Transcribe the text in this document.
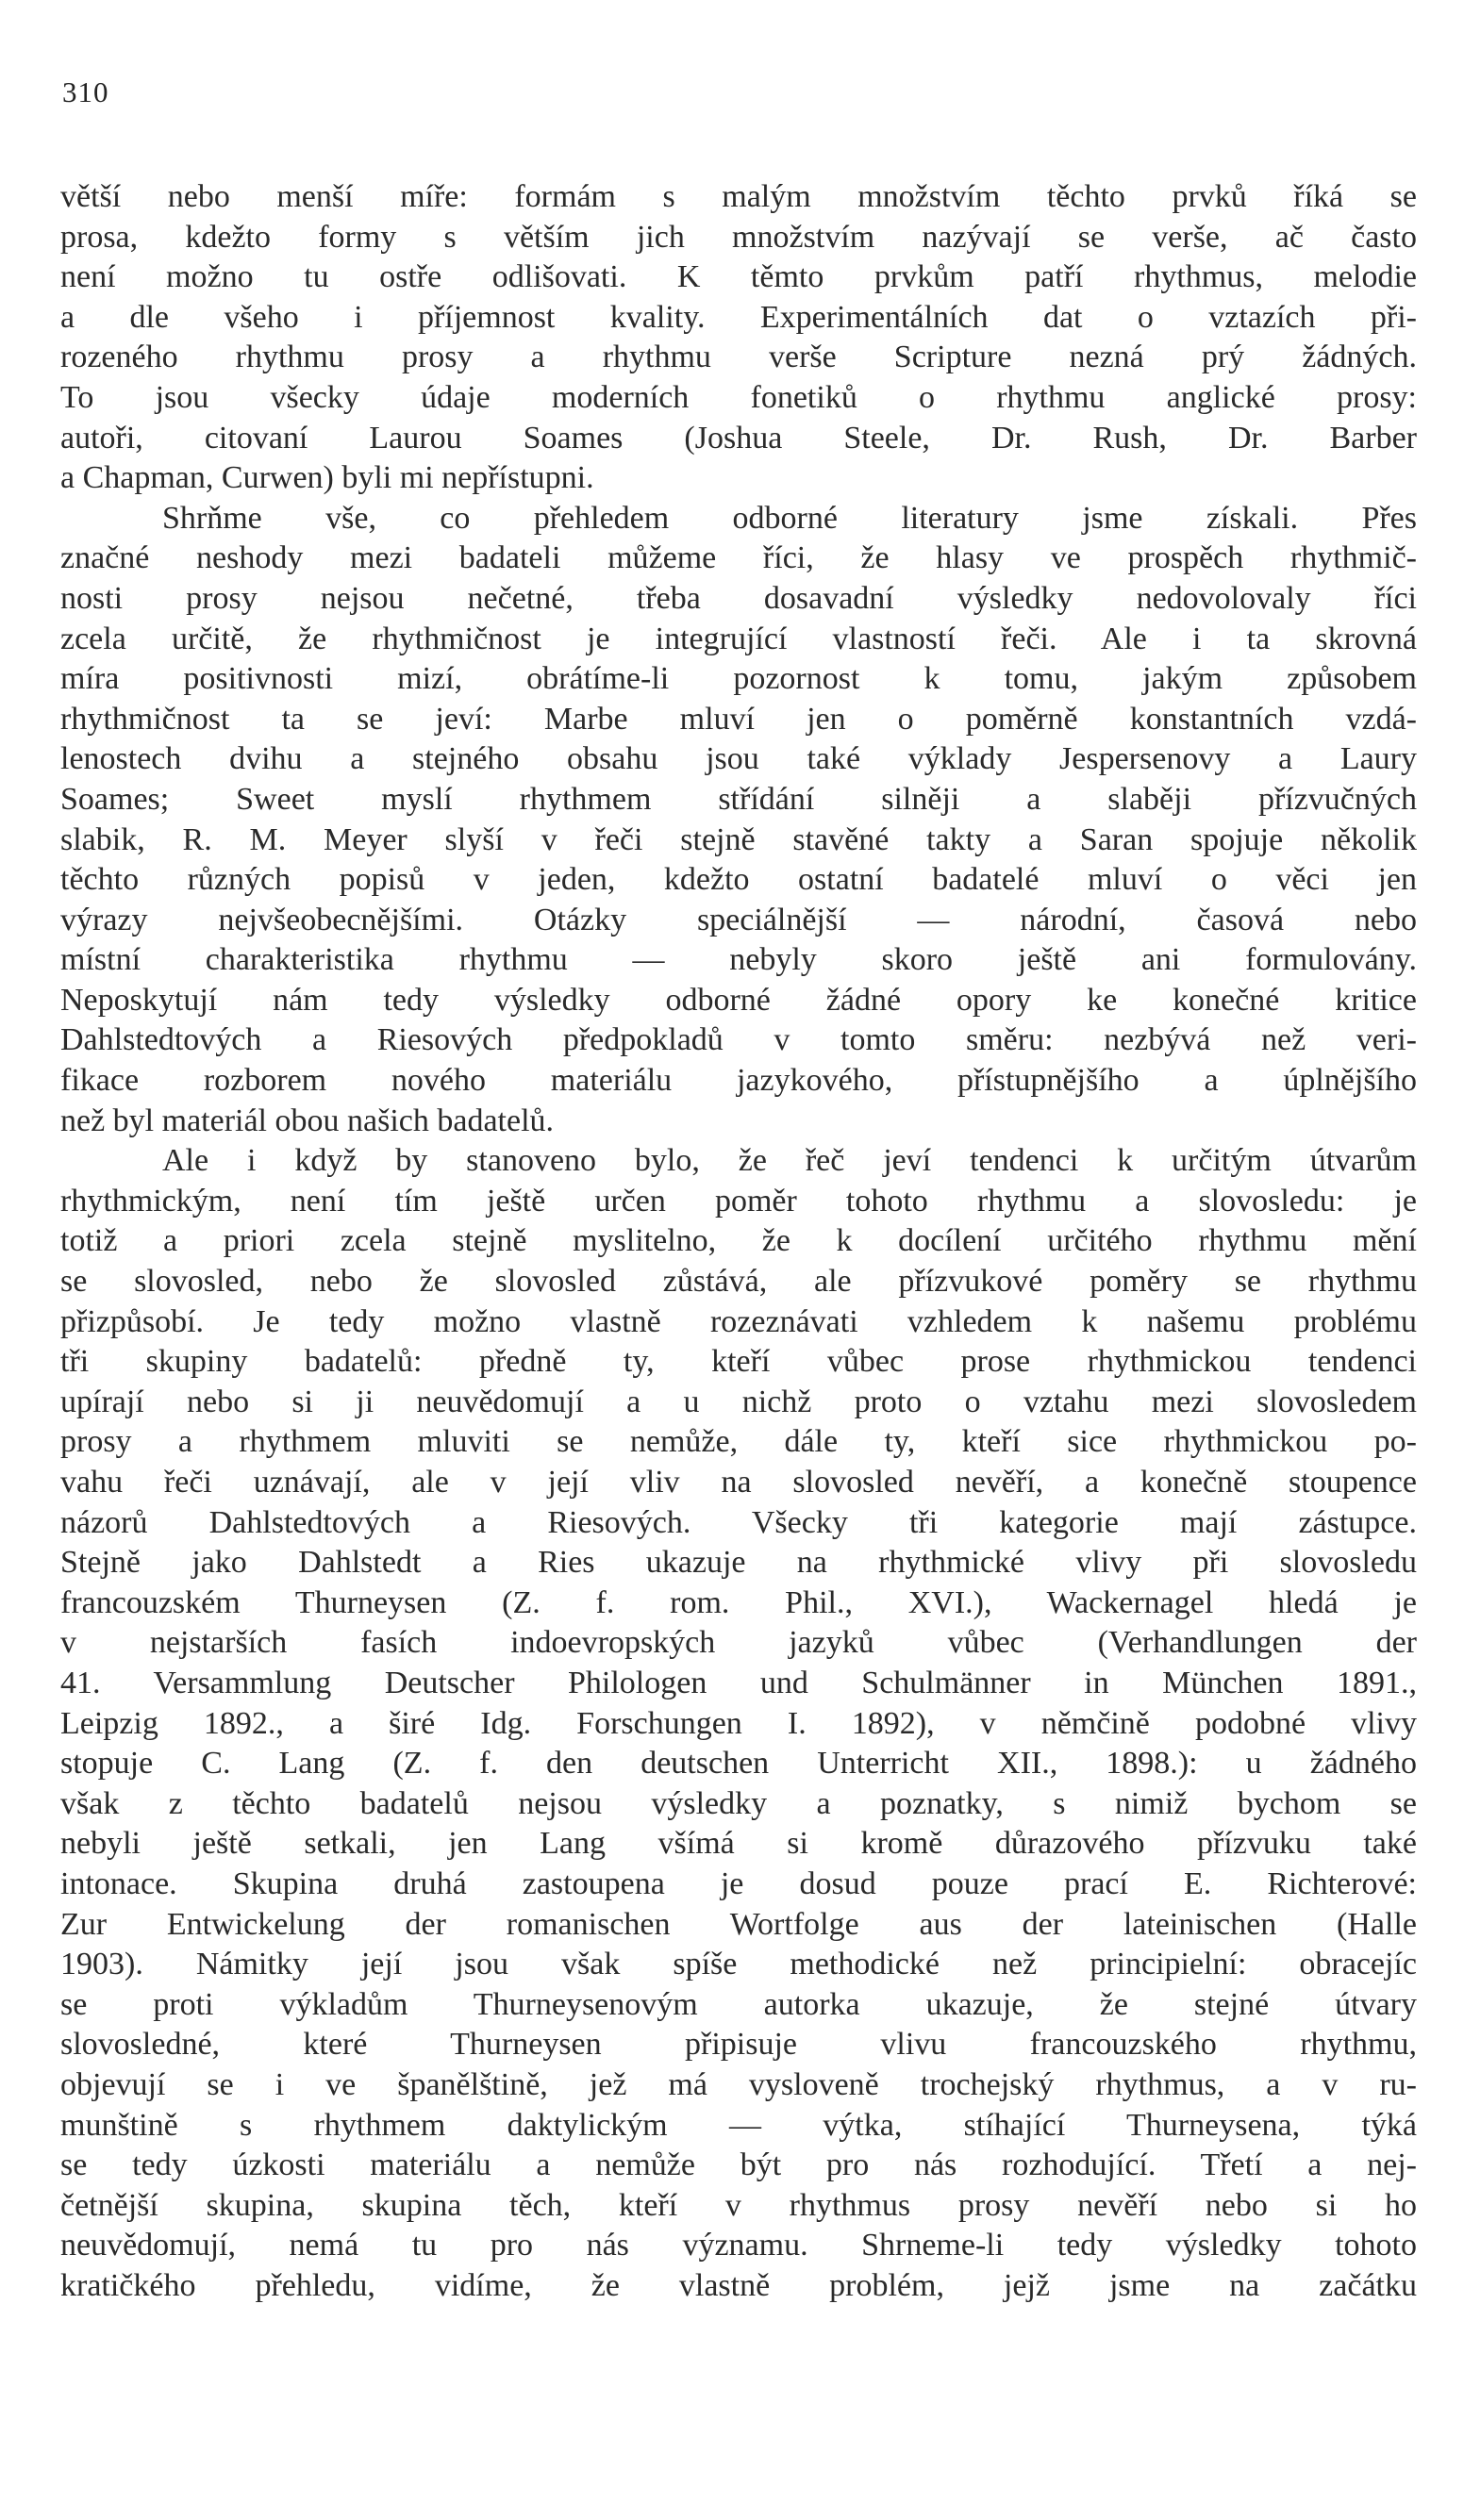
310
větší nebo menší míře: formám s malým množstvím těchto prvků říká se
prosa, kdežto formy s větším jich množstvím nazývají se verše, ač často
není možno tu ostře odlišovati. K těmto prvkům patří rhythmus, melodie
a dle všeho i příjemnost kvality. Experimentálních dat o vztazích při-
rozeného rhythmu prosy a rhythmu verše Scripture nezná prý žádných.
To jsou všecky údaje moderních fonetiků o rhythmu anglické prosy:
autoři, citovaní Laurou Soames (Joshua Steele, Dr. Rush, Dr. Barber
a Chapman, Curwen) byli mi nepřístupni.
Shrňme vše, co přehledem odborné literatury jsme získali. Přes
značné neshody mezi badateli můžeme říci, že hlasy ve prospěch rhythmič-
nosti prosy nejsou nečetné, třeba dosavadní výsledky nedovolovaly říci
zcela určitě, že rhythmičnost je integrující vlastností řeči. Ale i ta skrovná
míra positivnosti mizí, obrátíme-li pozornost k tomu, jakým způsobem
rhythmičnost ta se jeví: Marbe mluví jen o poměrně konstantních vzdá-
lenostech dvihu a stejného obsahu jsou také výklady Jespersenovy a Laury
Soames; Sweet myslí rhythmem střídání silněji a slaběji přízvučných
slabik, R. M. Meyer slyší v řeči stejně stavěné takty a Saran spojuje několik
těchto různých popisů v jeden, kdežto ostatní badatelé mluví o věci jen
výrazy nejvšeobecnějšími. Otázky speciálnější — národní, časová nebo
místní charakteristika rhythmu — nebyly skoro ještě ani formulovány.
Neposkytují nám tedy výsledky odborné žádné opory ke konečné kritice
Dahlstedtových a Riesových předpokladů v tomto směru: nezbývá než veri-
fikace rozborem nového materiálu jazykového, přístupnějšího a úplnějšího
než byl materiál obou našich badatelů.
Ale i když by stanoveno bylo, že řeč jeví tendenci k určitým útvarům
rhythmickým, není tím ještě určen poměr tohoto rhythmu a slovosledu: je
totiž a priori zcela stejně myslitelno, že k docílení určitého rhythmu mění
se slovosled, nebo že slovosled zůstává, ale přízvukové poměry se rhythmu
přizpůsobí. Je tedy možno vlastně rozeznávati vzhledem k našemu problému
tři skupiny badatelů: předně ty, kteří vůbec prose rhythmickou tendenci
upírají nebo si ji neuvědomují a u nichž proto o vztahu mezi slovosledem
prosy a rhythmem mluviti se nemůže, dále ty, kteří sice rhythmickou po-
vahu řeči uznávají, ale v její vliv na slovosled nevěří, a konečně stoupence
názorů Dahlstedtových a Riesových. Všecky tři kategorie mají zástupce.
Stejně jako Dahlstedt a Ries ukazuje na rhythmické vlivy při slovosledu
francouzském Thurneysen (Z. f. rom. Phil., XVI.), Wackernagel hledá je
v nejstarších fasích indoevropských jazyků vůbec (Verhandlungen der
41. Versammlung Deutscher Philologen und Schulmänner in München 1891.,
Leipzig 1892., a širé Idg. Forschungen I. 1892), v němčině podobné vlivy
stopuje C. Lang (Z. f. den deutschen Unterricht XII., 1898.): u žádného
však z těchto badatelů nejsou výsledky a poznatky, s nimiž bychom se
nebyli ještě setkali, jen Lang všímá si kromě důrazového přízvuku také
intonace. Skupina druhá zastoupena je dosud pouze prací E. Richterové:
Zur Entwickelung der romanischen Wortfolge aus der lateinischen (Halle
1903). Námitky její jsou však spíše methodické než principielní: obracejíc
se proti výkladům Thurneysenovým autorka ukazuje, že stejné útvary
slovosledné, které Thurneysen připisuje vlivu francouzského rhythmu,
objevují se i ve španělštině, jež má vysloveně trochejský rhythmus, a v ru-
munštině s rhythmem daktylickým — výtka, stíhající Thurneysena, týká
se tedy úzkosti materiálu a nemůže být pro nás rozhodující. Třetí a nej-
četnější skupina, skupina těch, kteří v rhythmus prosy nevěří nebo si ho
neuvědomují, nemá tu pro nás významu. Shrneme-li tedy výsledky tohoto
kratičkého přehledu, vidíme, že vlastně problém, jejž jsme na začátku
